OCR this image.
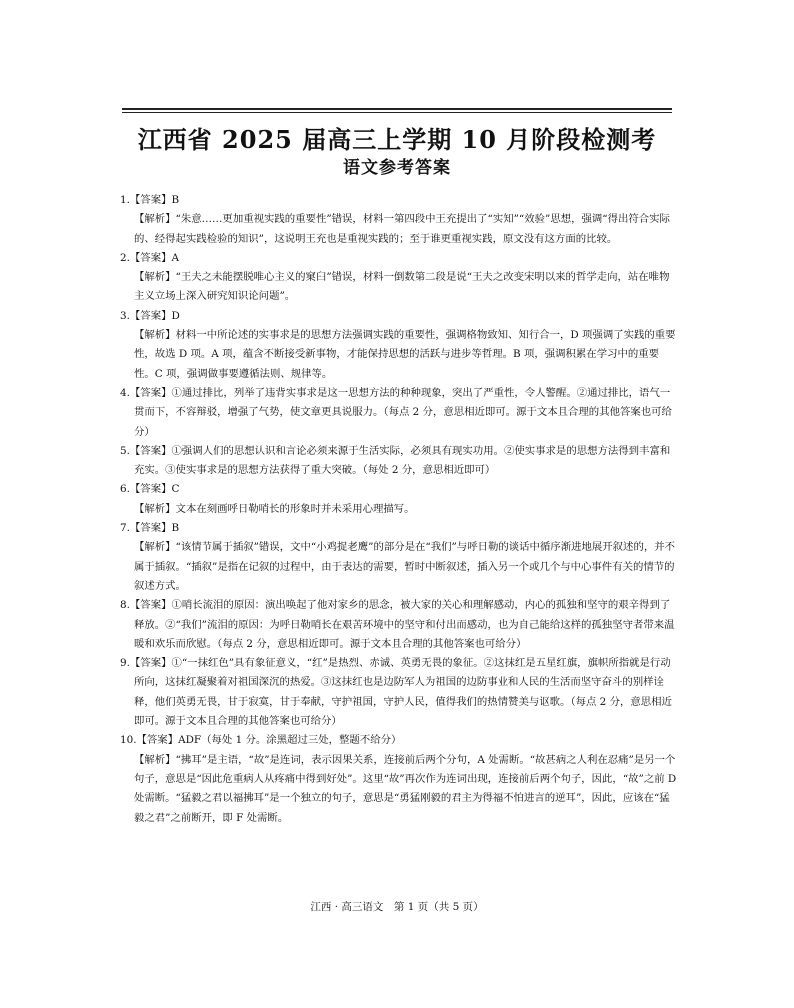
江西省 2025 届高三上学期 10 月阶段检测考
语文参考答案
1.【答案】B
【解析】“朱意……更加重视实践的重要性”错误，材料一第四段中王充提出了“实知”“效验”思想，强调“得出符合实际的、经得起实践检验的知识”，这说明王充也是重视实践的；至于谁更重视实践，原文没有这方面的比较。
2.【答案】A
【解析】“王夫之未能摆脱唯心主义的窠臼”错误，材料一倒数第二段是说“王夫之改变宋明以来的哲学走向，站在唯物主义立场上深入研究知识论问题”。
3.【答案】D
【解析】材料一中所论述的实事求是的思想方法强调实践的重要性，强调格物致知、知行合一，D 项强调了实践的重要性，故选 D 项。A 项，蕴含不断接受新事物，才能保持思想的活跃与进步等哲理。B 项，强调积累在学习中的重要性。C 项，强调做事要遵循法则、规律等。
4.【答案】①通过排比，列举了违背实事求是这一思想方法的种种现象，突出了严重性，令人警醒。②通过排比，语气一贯而下，不容辩驳，增强了气势，使文章更具说服力。（每点 2 分，意思相近即可。源于文本且合理的其他答案也可给分）
5.【答案】①强调人们的思想认识和言论必须来源于生活实际，必须具有现实功用。②使实事求是的思想方法得到丰富和充实。③使实事求是的思想方法获得了重大突破。（每处 2 分，意思相近即可）
6.【答案】C
【解析】文本在刻画呼日勒哨长的形象时并未采用心理描写。
7.【答案】B
【解析】“该情节属于插叙”错误，文中“小鸡捉老鹰”的部分是在“我们”与呼日勒的谈话中循序渐进地展开叙述的，并不属于插叙。“插叙”是指在记叙的过程中，由于表达的需要，暂时中断叙述，插入另一个或几个与中心事件有关的情节的叙述方式。
8.【答案】①哨长流泪的原因：演出唤起了他对家乡的思念，被大家的关心和理解感动，内心的孤独和坚守的艰辛得到了释放。②“我们”流泪的原因：为呼日勒哨长在艰苦环境中的坚守和付出而感动，也为自己能给这样的孤独坚守者带来温暖和欢乐而欣慰。（每点 2 分，意思相近即可。源于文本且合理的其他答案也可给分）
9.【答案】①“一抹红色”具有象征意义，“红”是热烈、赤诚、英勇无畏的象征。②这抹红是五星红旗，旗帜所指就是行动所向，这抹红凝聚着对祖国深沉的热爱。③这抹红也是边防军人为祖国的边防事业和人民的生活而坚守奋斗的别样诠释，他们英勇无畏，甘于寂寞，甘于奉献，守护祖国，守护人民，值得我们的热情赞美与讴歌。（每点 2 分，意思相近即可。源于文本且合理的其他答案也可给分）
10.【答案】ADF（每处 1 分。涂黑超过三处，整题不给分）
【解析】“拂耳”是主语，“故”是连词，表示因果关系，连接前后两个分句，A 处需断。“故甚病之人利在忍痛”是另一个句子，意思是“因此危重病人从疼痛中得到好处”。这里“故”再次作为连词出现，连接前后两个句子，因此，“故”之前 D 处需断。“猛毅之君以福拂耳”是一个独立的句子，意思是“勇猛刚毅的君主为得福不怕进言的逆耳”，因此，应该在“猛毅之君”之前断开，即 F 处需断。
江西 · 高三语文　第 1 页（共 5 页）
